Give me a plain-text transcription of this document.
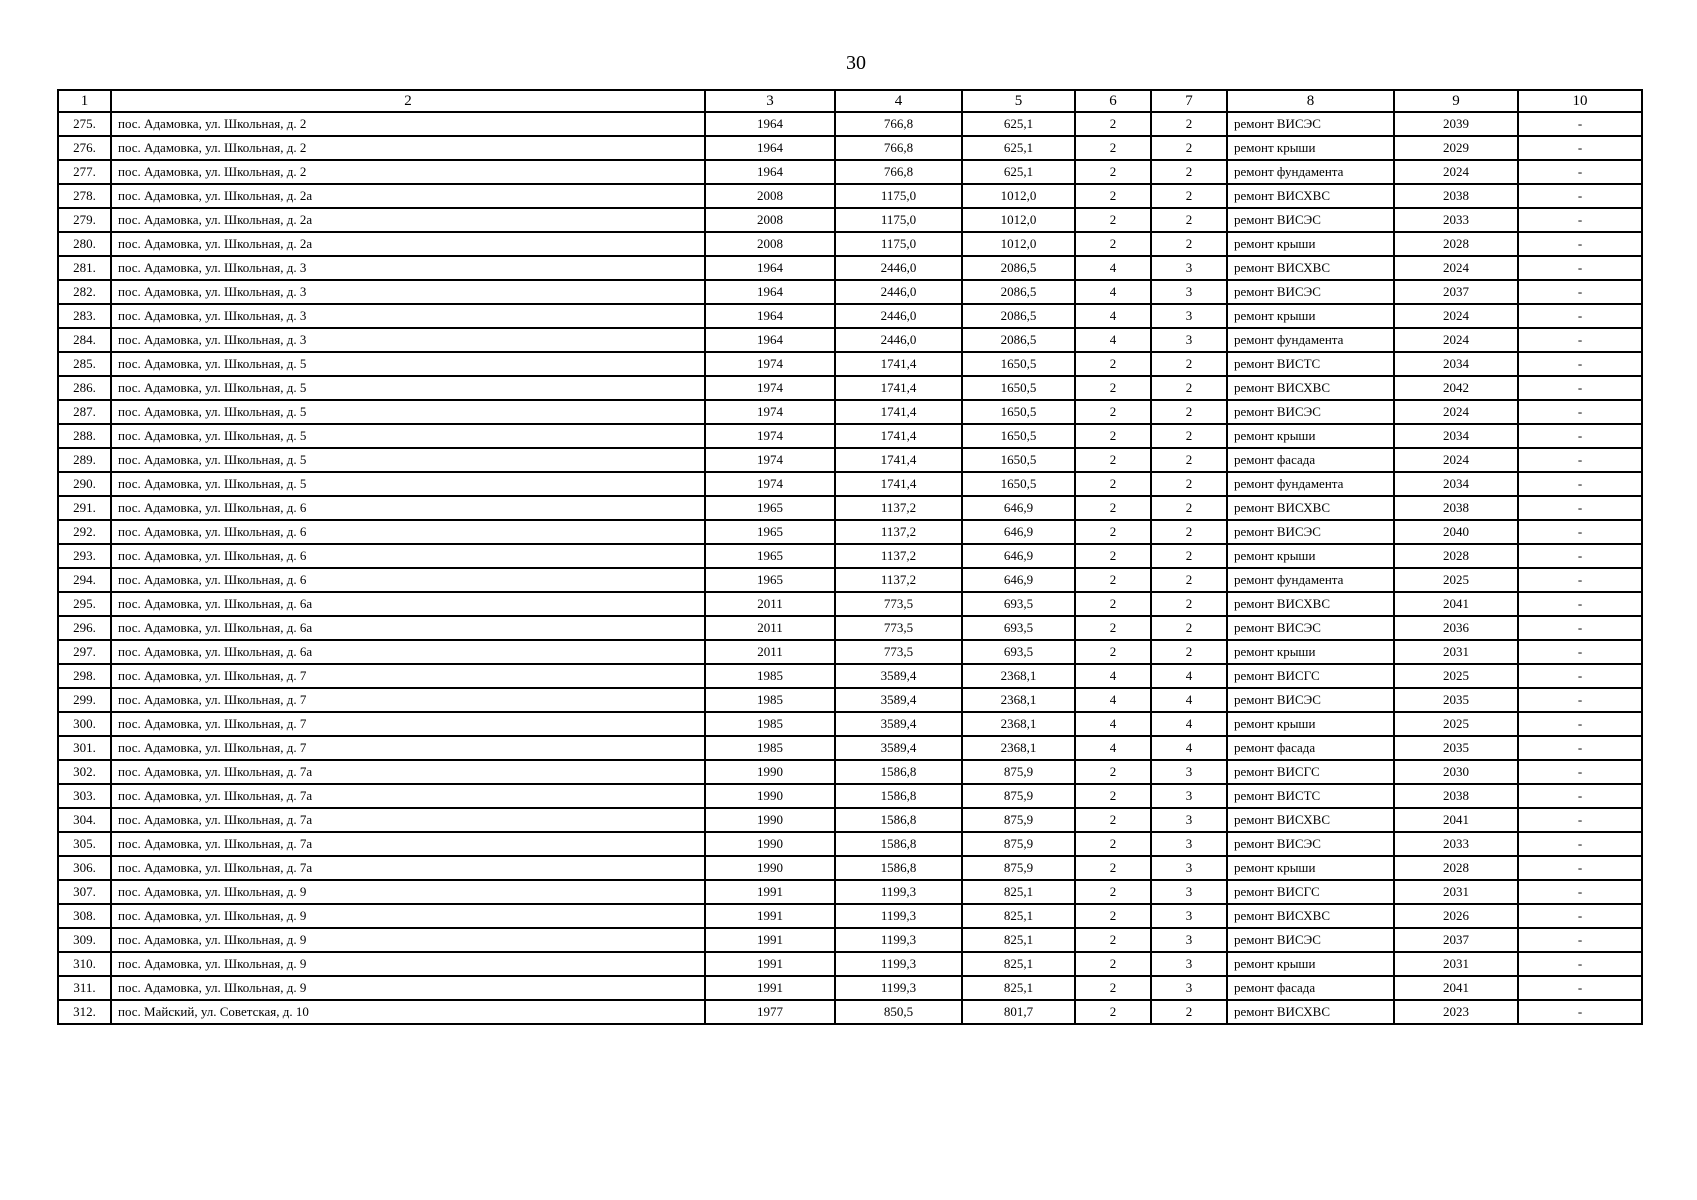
30
1	2	3	4	5	6	7	8	9	10
275.	пос. Адамовка, ул. Школьная, д. 2	1964	766,8	625,1	2	2	ремонт ВИСЭС	2039	-
276.	пос. Адамовка, ул. Школьная, д. 2	1964	766,8	625,1	2	2	ремонт крыши	2029	-
277.	пос. Адамовка, ул. Школьная, д. 2	1964	766,8	625,1	2	2	ремонт фундамента	2024	-
278.	пос. Адамовка, ул. Школьная, д. 2а	2008	1175,0	1012,0	2	2	ремонт ВИСХВС	2038	-
279.	пос. Адамовка, ул. Школьная, д. 2а	2008	1175,0	1012,0	2	2	ремонт ВИСЭС	2033	-
280.	пос. Адамовка, ул. Школьная, д. 2а	2008	1175,0	1012,0	2	2	ремонт крыши	2028	-
281.	пос. Адамовка, ул. Школьная, д. 3	1964	2446,0	2086,5	4	3	ремонт ВИСХВС	2024	-
282.	пос. Адамовка, ул. Школьная, д. 3	1964	2446,0	2086,5	4	3	ремонт ВИСЭС	2037	-
283.	пос. Адамовка, ул. Школьная, д. 3	1964	2446,0	2086,5	4	3	ремонт крыши	2024	-
284.	пос. Адамовка, ул. Школьная, д. 3	1964	2446,0	2086,5	4	3	ремонт фундамента	2024	-
285.	пос. Адамовка, ул. Школьная, д. 5	1974	1741,4	1650,5	2	2	ремонт ВИСТС	2034	-
286.	пос. Адамовка, ул. Школьная, д. 5	1974	1741,4	1650,5	2	2	ремонт ВИСХВС	2042	-
287.	пос. Адамовка, ул. Школьная, д. 5	1974	1741,4	1650,5	2	2	ремонт ВИСЭС	2024	-
288.	пос. Адамовка, ул. Школьная, д. 5	1974	1741,4	1650,5	2	2	ремонт крыши	2034	-
289.	пос. Адамовка, ул. Школьная, д. 5	1974	1741,4	1650,5	2	2	ремонт фасада	2024	-
290.	пос. Адамовка, ул. Школьная, д. 5	1974	1741,4	1650,5	2	2	ремонт фундамента	2034	-
291.	пос. Адамовка, ул. Школьная, д. 6	1965	1137,2	646,9	2	2	ремонт ВИСХВС	2038	-
292.	пос. Адамовка, ул. Школьная, д. 6	1965	1137,2	646,9	2	2	ремонт ВИСЭС	2040	-
293.	пос. Адамовка, ул. Школьная, д. 6	1965	1137,2	646,9	2	2	ремонт крыши	2028	-
294.	пос. Адамовка, ул. Школьная, д. 6	1965	1137,2	646,9	2	2	ремонт фундамента	2025	-
295.	пос. Адамовка, ул. Школьная, д. 6а	2011	773,5	693,5	2	2	ремонт ВИСХВС	2041	-
296.	пос. Адамовка, ул. Школьная, д. 6а	2011	773,5	693,5	2	2	ремонт ВИСЭС	2036	-
297.	пос. Адамовка, ул. Школьная, д. 6а	2011	773,5	693,5	2	2	ремонт крыши	2031	-
298.	пос. Адамовка, ул. Школьная, д. 7	1985	3589,4	2368,1	4	4	ремонт ВИСГС	2025	-
299.	пос. Адамовка, ул. Школьная, д. 7	1985	3589,4	2368,1	4	4	ремонт ВИСЭС	2035	-
300.	пос. Адамовка, ул. Школьная, д. 7	1985	3589,4	2368,1	4	4	ремонт крыши	2025	-
301.	пос. Адамовка, ул. Школьная, д. 7	1985	3589,4	2368,1	4	4	ремонт фасада	2035	-
302.	пос. Адамовка, ул. Школьная, д. 7а	1990	1586,8	875,9	2	3	ремонт ВИСГС	2030	-
303.	пос. Адамовка, ул. Школьная, д. 7а	1990	1586,8	875,9	2	3	ремонт ВИСТС	2038	-
304.	пос. Адамовка, ул. Школьная, д. 7а	1990	1586,8	875,9	2	3	ремонт ВИСХВС	2041	-
305.	пос. Адамовка, ул. Школьная, д. 7а	1990	1586,8	875,9	2	3	ремонт ВИСЭС	2033	-
306.	пос. Адамовка, ул. Школьная, д. 7а	1990	1586,8	875,9	2	3	ремонт крыши	2028	-
307.	пос. Адамовка, ул. Школьная, д. 9	1991	1199,3	825,1	2	3	ремонт ВИСГС	2031	-
308.	пос. Адамовка, ул. Школьная, д. 9	1991	1199,3	825,1	2	3	ремонт ВИСХВС	2026	-
309.	пос. Адамовка, ул. Школьная, д. 9	1991	1199,3	825,1	2	3	ремонт ВИСЭС	2037	-
310.	пос. Адамовка, ул. Школьная, д. 9	1991	1199,3	825,1	2	3	ремонт крыши	2031	-
311.	пос. Адамовка, ул. Школьная, д. 9	1991	1199,3	825,1	2	3	ремонт фасада	2041	-
312.	пос. Майский, ул. Советская, д. 10	1977	850,5	801,7	2	2	ремонт ВИСХВС	2023	-
